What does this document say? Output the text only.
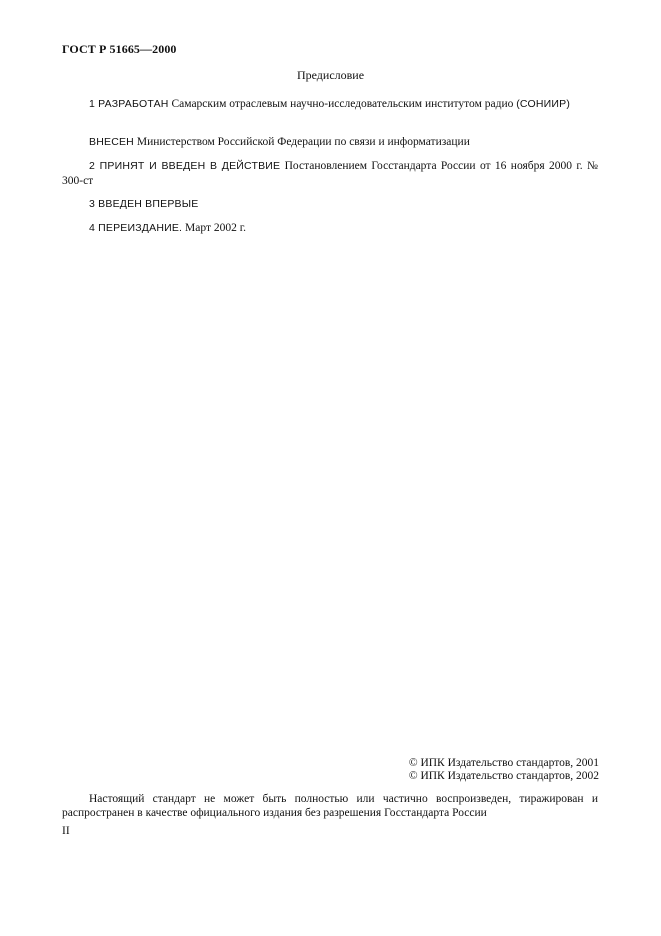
ГОСТ Р 51665—2000
Предисловие
1 РАЗРАБОТАН Самарским отраслевым научно-исследовательским институтом радио (СОНИИР)
ВНЕСЕН Министерством Российской Федерации по связи и информатизации
2 ПРИНЯТ И ВВЕДЕН В ДЕЙСТВИЕ Постановлением Госстандарта России от 16 ноября 2000 г. № 300-ст
3 ВВЕДЕН ВПЕРВЫЕ
4 ПЕРЕИЗДАНИЕ. Март 2002 г.
© ИПК Издательство стандартов, 2001
© ИПК Издательство стандартов, 2002
Настоящий стандарт не может быть полностью или частично воспроизведен, тиражирован и распространен в качестве официального издания без разрешения Госстандарта России
II
